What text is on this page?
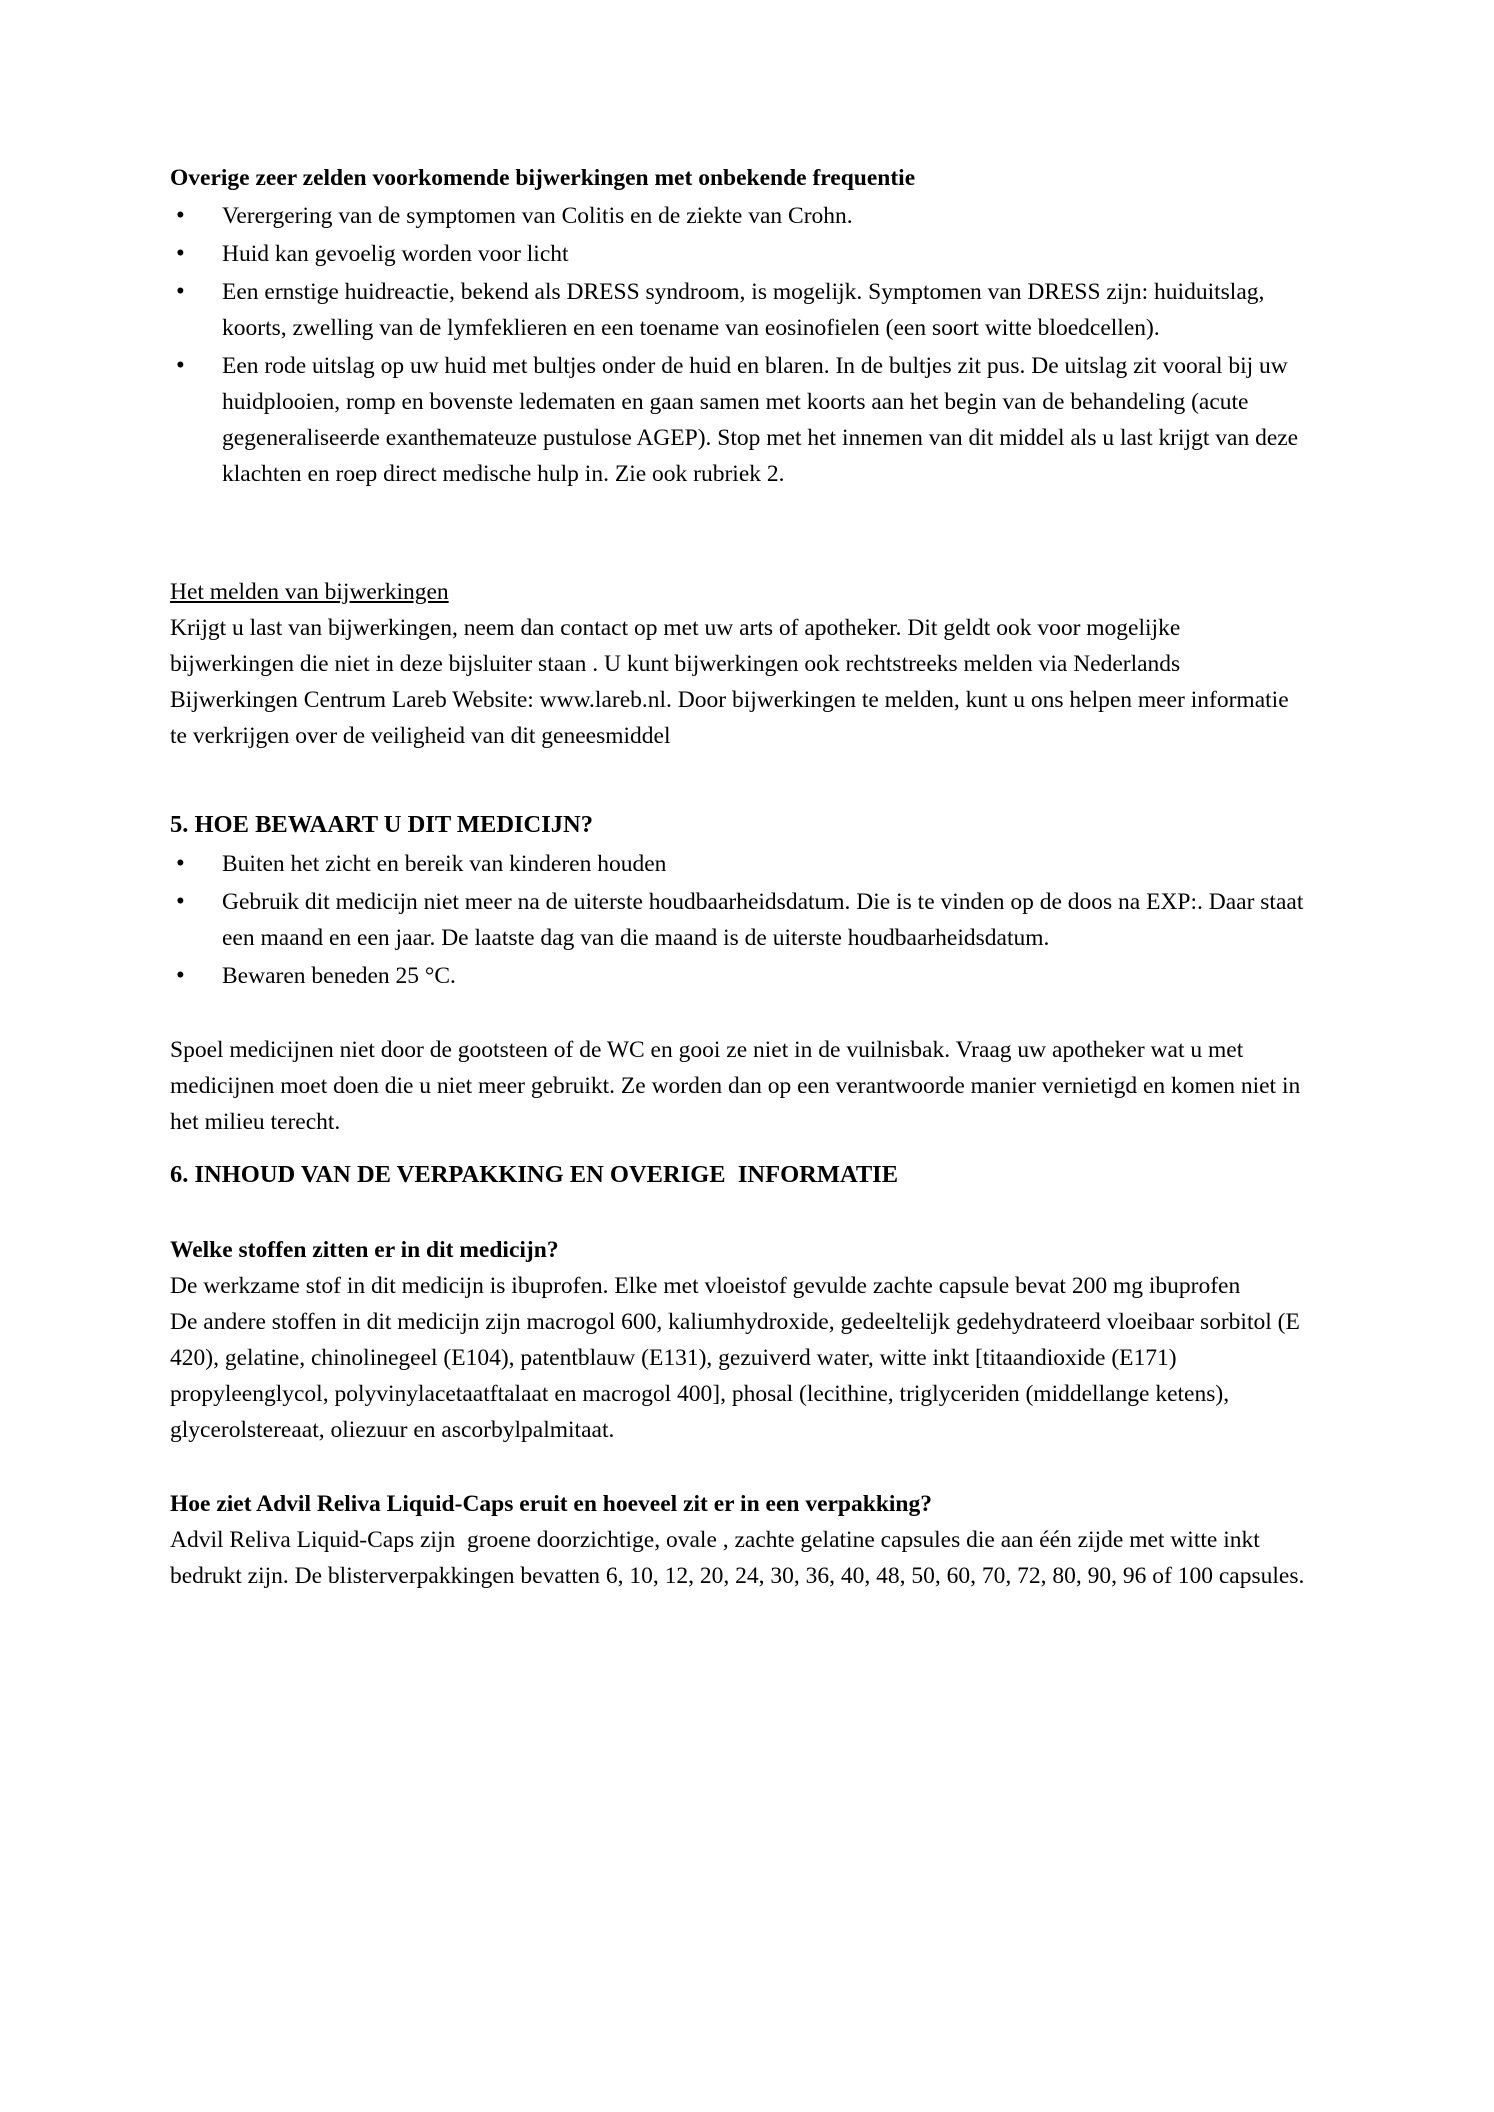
Overige zeer zelden voorkomende bijwerkingen met onbekende frequentie

• Verergering van de symptomen van Colitis en de ziekte van Crohn.
• Huid kan gevoelig worden voor licht
• Een ernstige huidreactie, bekend als DRESS syndroom, is mogelijk. Symptomen van DRESS zijn: huiduitslag, koorts, zwelling van de lymfeklieren en een toename van eosinofielen (een soort witte bloedcellen).
• Een rode uitslag op uw huid met bultjes onder de huid en blaren. In de bultjes zit pus. De uitslag zit vooral bij uw huidplooien, romp en bovenste ledematen en gaan samen met koorts aan het begin van de behandeling (acute gegeneraliseerde exanthemateuze pustulose AGEP). Stop met het innemen van dit middel als u last krijgt van deze klachten en roep direct medische hulp in. Zie ook rubriek 2.

Het melden van bijwerkingen

Krijgt u last van bijwerkingen, neem dan contact op met uw arts of apotheker. Dit geldt ook voor mogelijke bijwerkingen die niet in deze bijsluiter staan . U kunt bijwerkingen ook rechtstreeks melden via Nederlands Bijwerkingen Centrum Lareb Website: www.lareb.nl. Door bijwerkingen te melden, kunt u ons helpen meer informatie te verkrijgen over de veiligheid van dit geneesmiddel

5. HOE BEWAART U DIT MEDICIJN?

• Buiten het zicht en bereik van kinderen houden
• Gebruik dit medicijn niet meer na de uiterste houdbaarheidsdatum. Die is te vinden op de doos na EXP:. Daar staat een maand en een jaar. De laatste dag van die maand is de uiterste houdbaarheidsdatum.
• Bewaren beneden 25 °C.

Spoel medicijnen niet door de gootsteen of de WC en gooi ze niet in de vuilnisbak. Vraag uw apotheker wat u met medicijnen moet doen die u niet meer gebruikt. Ze worden dan op een verantwoorde manier vernietigd en komen niet in het milieu terecht.

6. INHOUD VAN DE VERPAKKING EN OVERIGE  INFORMATIE

Welke stoffen zitten er in dit medicijn?

De werkzame stof in dit medicijn is ibuprofen. Elke met vloeistof gevulde zachte capsule bevat 200 mg ibuprofen

De andere stoffen in dit medicijn zijn macrogol 600, kaliumhydroxide, gedeeltelijk gedehydrateerd vloeibaar sorbitol (E 420), gelatine, chinolinegeel (E104), patentblauw (E131), gezuiverd water, witte inkt [titaandioxide (E171) propyleenglycol, polyvinylacetaatftalaat en macrogol 400], phosal (lecithine, triglyceriden (middellange ketens), glycerolstereaat, oliezuur en ascorbylpalmitaat.

Hoe ziet Advil Reliva Liquid-Caps eruit en hoeveel zit er in een verpakking?

Advil Reliva Liquid-Caps zijn  groene doorzichtige, ovale , zachte gelatine capsules die aan één zijde met witte inkt bedrukt zijn. De blisterverpakkingen bevatten 6, 10, 12, 20, 24, 30, 36, 40, 48, 50, 60, 70, 72, 80, 90, 96 of 100 capsules.
